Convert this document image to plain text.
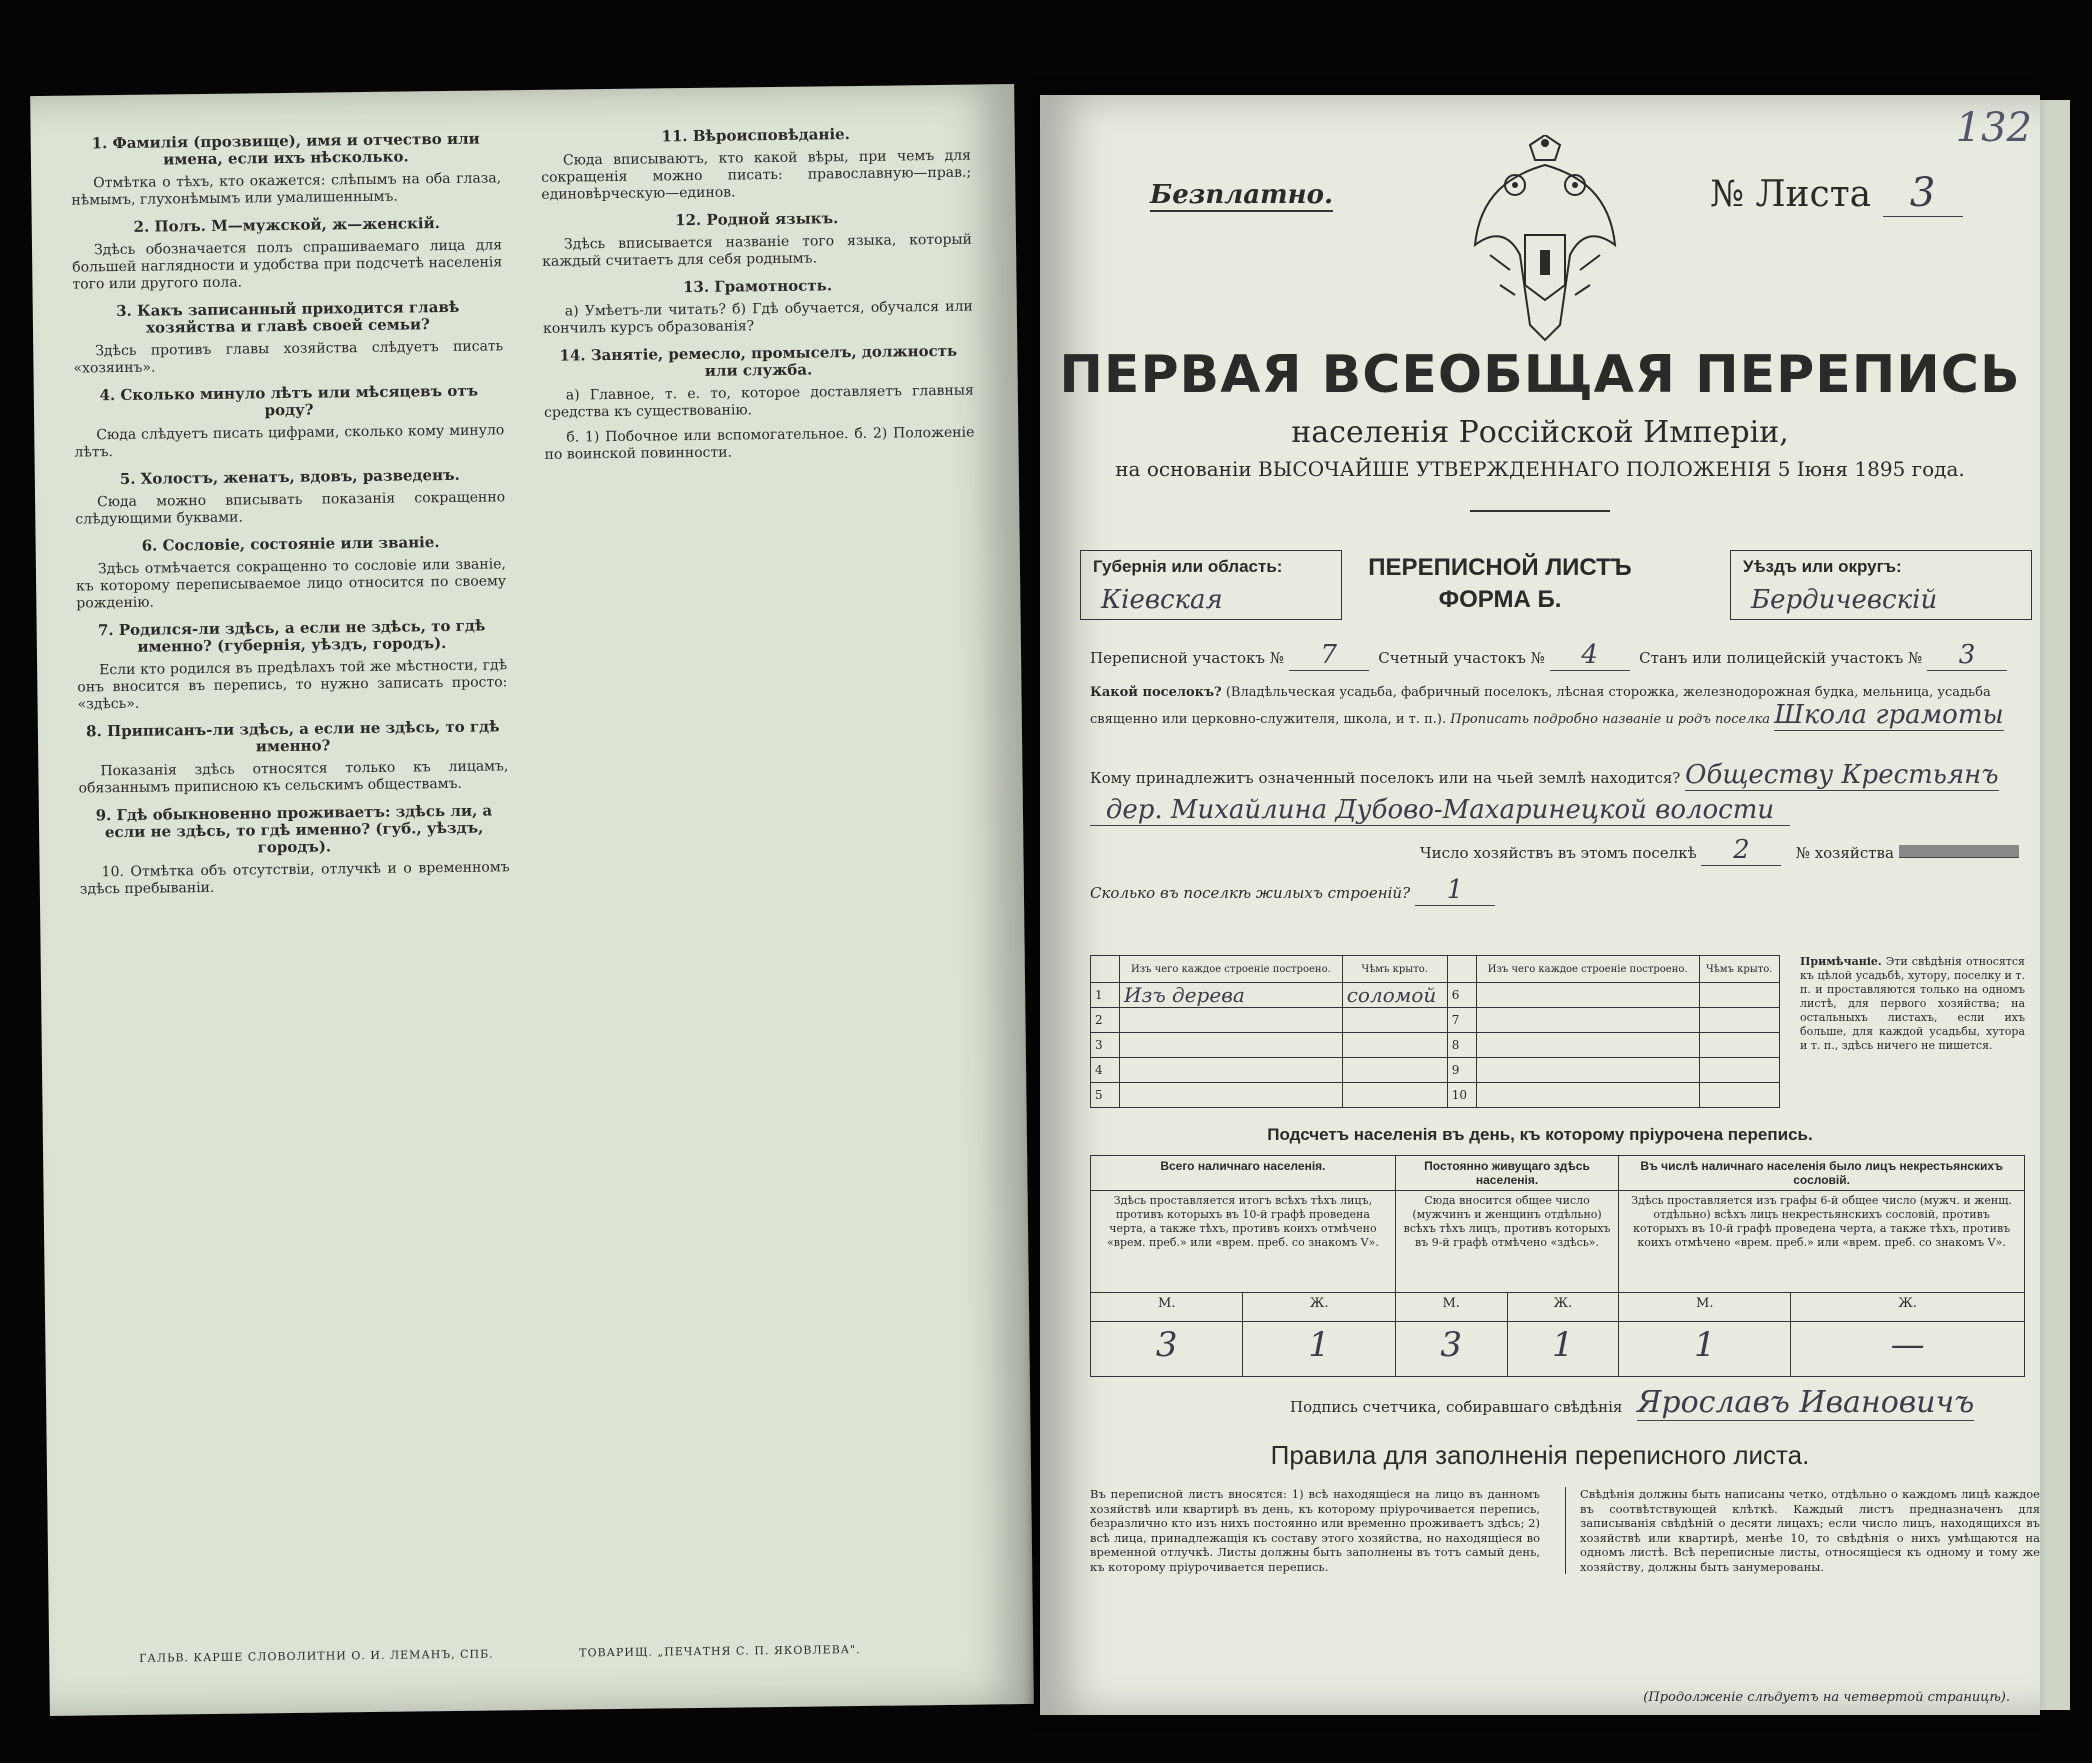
1. Фамилія (прозвище), имя и отчество или имена, если ихъ нѣсколько.

Отмѣтка о тѣхъ, кто окажется: слѣпымъ на оба глаза, нѣмымъ, глухонѣмымъ или умалишеннымъ.

2. Полъ. М—мужской, ж—женскій.

Здѣсь обозначается полъ спрашиваемаго лица для большей наглядности и удобства при подсчетѣ населенія того или другого пола.

3. Какъ записанный приходится главѣ хозяйства и главѣ своей семьи?

Здѣсь противъ главы хозяйства слѣдуетъ писать «хозяинъ».

4. Сколько минуло лѣтъ или мѣсяцевъ отъ роду?

Сюда слѣдуетъ писать цифрами, сколько кому минуло лѣтъ.

5. Холостъ, женатъ, вдовъ, разведенъ.

Сюда можно вписывать показанія сокращенно слѣдующими буквами.

6. Сословіе, состояніе или званіе.

Здѣсь отмѣчается сокращенно то сословіе или званіе, къ которому переписываемое лицо относится по своему рожденію.

7. Родился-ли здѣсь, а если не здѣсь, то гдѣ именно? (губернія, уѣздъ, городъ).

Если кто родился въ предѣлахъ той же мѣстности, гдѣ онъ вносится въ перепись, то нужно записать просто: «здѣсь».

8. Приписанъ-ли здѣсь, а если не здѣсь, то гдѣ именно?

Показанія здѣсь относятся только къ лицамъ, обязаннымъ приписною къ сельскимъ обществамъ.

9. Гдѣ обыкновенно проживаетъ: здѣсь ли, а если не здѣсь, то гдѣ именно? (губ., уѣздъ, городъ).

10. Отмѣтка объ отсутствіи, отлучкѣ и о временномъ здѣсь пребываніи.

11. Вѣроисповѣданіе.

Сюда вписываютъ, кто какой вѣры, при чемъ для сокращенія можно писать: православную—прав.; единовѣрческую—единов.

12. Родной языкъ.

Здѣсь вписывается названіе того языка, который каждый считаетъ для себя роднымъ.

13. Грамотность.

а) Умѣетъ-ли читать? б) Гдѣ обучается, обучался или кончилъ курсъ образованія?

14. Занятіе, ремесло, промыселъ, должность или служба.

а) Главное, т. е. то, которое доставляетъ главныя средства къ существованію.

б. 1) Побочное или вспомогательное. б. 2) Положеніе по воинской повинности.

ГАЛЬВ. КАРШЕ СЛОВОЛИТНИ О. И. ЛЕМАНЪ, СПБ.	ТОВАРИЩ. „ПЕЧАТНЯ С. П. ЯКОВЛЕВА".
Безплатно.	№ Листа 3
132
ПЕРВАЯ ВСЕОБЩАЯ ПЕРЕПИСЬ
населенія Россійской Имперіи,
на основаніи ВЫСОЧАЙШЕ УТВЕРЖДЕННАГО ПОЛОЖЕНІЯ 5 Іюня 1895 года.
Губернія или область:
Кіевская
ПЕРЕПИСНОЙ ЛИСТЪ
ФОРМА Б.
Уѣздъ или округъ:
Бердичевскій
Переписной участокъ № 7	Счетный участокъ № 4	Станъ или полицейскій участокъ № 3
Какой поселокъ? (Владѣльческая усадьба, фабричный поселокъ, лѣсная сторожка, железнодорожная будка, мельница, усадьба священно или церковно-служителя, школа, и т. п.). Прописать подробно названіе и родъ поселка Школа грамоты
Кому принадлежитъ означенный поселокъ или на чьей землѣ находится? Обществу Крестьянъ
дер. Михайлина Дубово-Махаринецкой волости
Число хозяйствъ въ этомъ поселкѣ 2	№ хозяйства
Сколько въ поселкѣ жилыхъ строеній? 1
	Изъ чего каждое строеніе построено.	Чѣмъ крыто.		Изъ чего каждое строеніе построено.	Чѣмъ крыто.
1	Изъ дерева	соломой	6		
2			7		
3			8		
4			9		
5			10		
Примѣчаніе. Эти свѣдѣнія относятся къ цѣлой усадьбѣ, хутору, поселку и т. п. и проставляются только на одномъ листѣ, для первого хозяйства; на остальныхъ листахъ, если ихъ больше, для каждой усадьбы, хутора и т. п., здѣсь ничего не пишется.
Подсчетъ населенія въ день, къ которому пріурочена перепись.
Всего наличнаго населенія.		Постоянно живущаго здѣсь населенія.		Въ числѣ наличнаго населенія было лицъ некрестьянскихъ сословій.	
Здѣсь проставляется итогъ всѣхъ тѣхъ лицъ, противъ которыхъ въ 10-й графѣ проведена черта, а также тѣхъ, противъ коихъ отмѣчено «врем. преб.» или «врем. преб. со знакомъ V».		Сюда вносится общее число (мужчинъ и женщинъ отдѣльно) всѣхъ тѣхъ лицъ, противъ которыхъ въ 9-й графѣ отмѣчено «здѣсь».		Здѣсь проставляется изъ графы 6-й общее число (мужч. и женщ. отдѣльно) всѣхъ лицъ некрестьянскихъ сословій, противъ которыхъ въ 10-й графѣ проведена черта, а также тѣхъ, противъ коихъ отмѣчено «врем. преб.» или «врем. преб. со знакомъ V».	
М.	Ж.	М.	Ж.	М.	Ж.
3	1	3	1	1	—
Подпись счетчика, собиравшаго свѣдѣнія Ярославъ Ивановичъ
Правила для заполненія переписного листа.
Въ переписной листъ вносятся: 1) всѣ находящіеся на лицо въ данномъ хозяйствѣ или квартирѣ въ день, къ которому пріурочивается перепись, безразлично кто изъ нихъ постоянно или временно проживаетъ здѣсь; 2) всѣ лица, принадлежащія къ составу этого хозяйства, но находящіеся во временной отлучкѣ. Листы должны быть заполнены въ тотъ самый день, къ которому пріурочивается перепись.
Свѣдѣнія должны быть написаны четко, отдѣльно о каждомъ лицѣ каждое въ соотвѣтствующей клѣткѣ. Каждый листъ предназначенъ для записыванія свѣдѣній о десяти лицахъ; если число лицъ, находящихся въ хозяйствѣ или квартирѣ, менѣе 10, то свѣдѣнія о нихъ умѣщаются на одномъ листѣ. Всѣ переписные листы, относящіеся къ одному и тому же хозяйству, должны быть занумерованы.
(Продолженіе слѣдуетъ на четвертой страницѣ).
